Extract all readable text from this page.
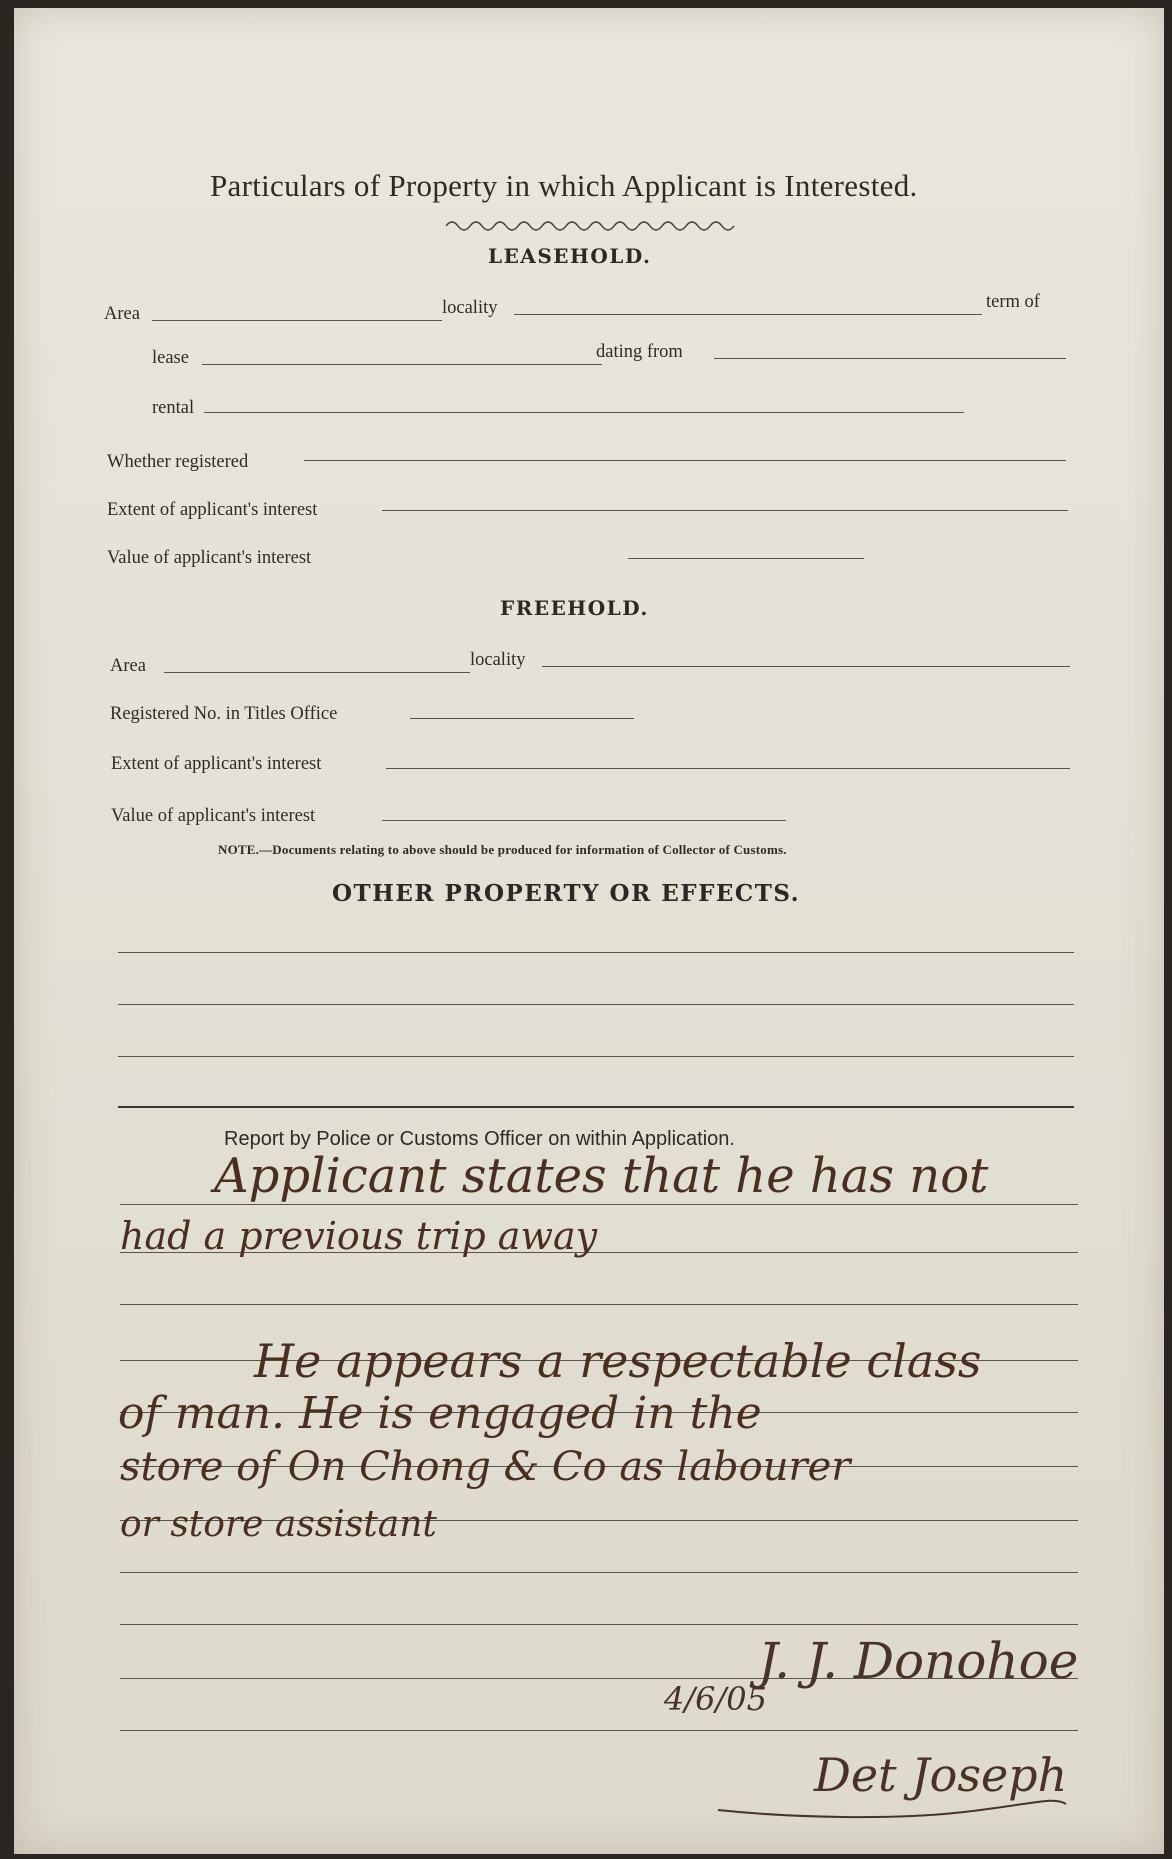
Particulars of Property in which Applicant is Interested.
LEASEHOLD.
Area	locality	term of
lease	dating from
rental
Whether registered
Extent of applicant's interest
Value of applicant's interest
FREEHOLD.
Area	locality
Registered No. in Titles Office
Extent of applicant's interest
Value of applicant's interest
NOTE.—Documents relating to above should be produced for information of Collector of Customs.
OTHER PROPERTY OR EFFECTS.
Report by Police or Customs Officer on within Application.
Applicant states that he has not
had a previous trip away
He appears a respectable class
of man. He is engaged in the
store of On Chong & Co as labourer
or store assistant
J. J. Donohoe
4/6/05
Det Joseph
